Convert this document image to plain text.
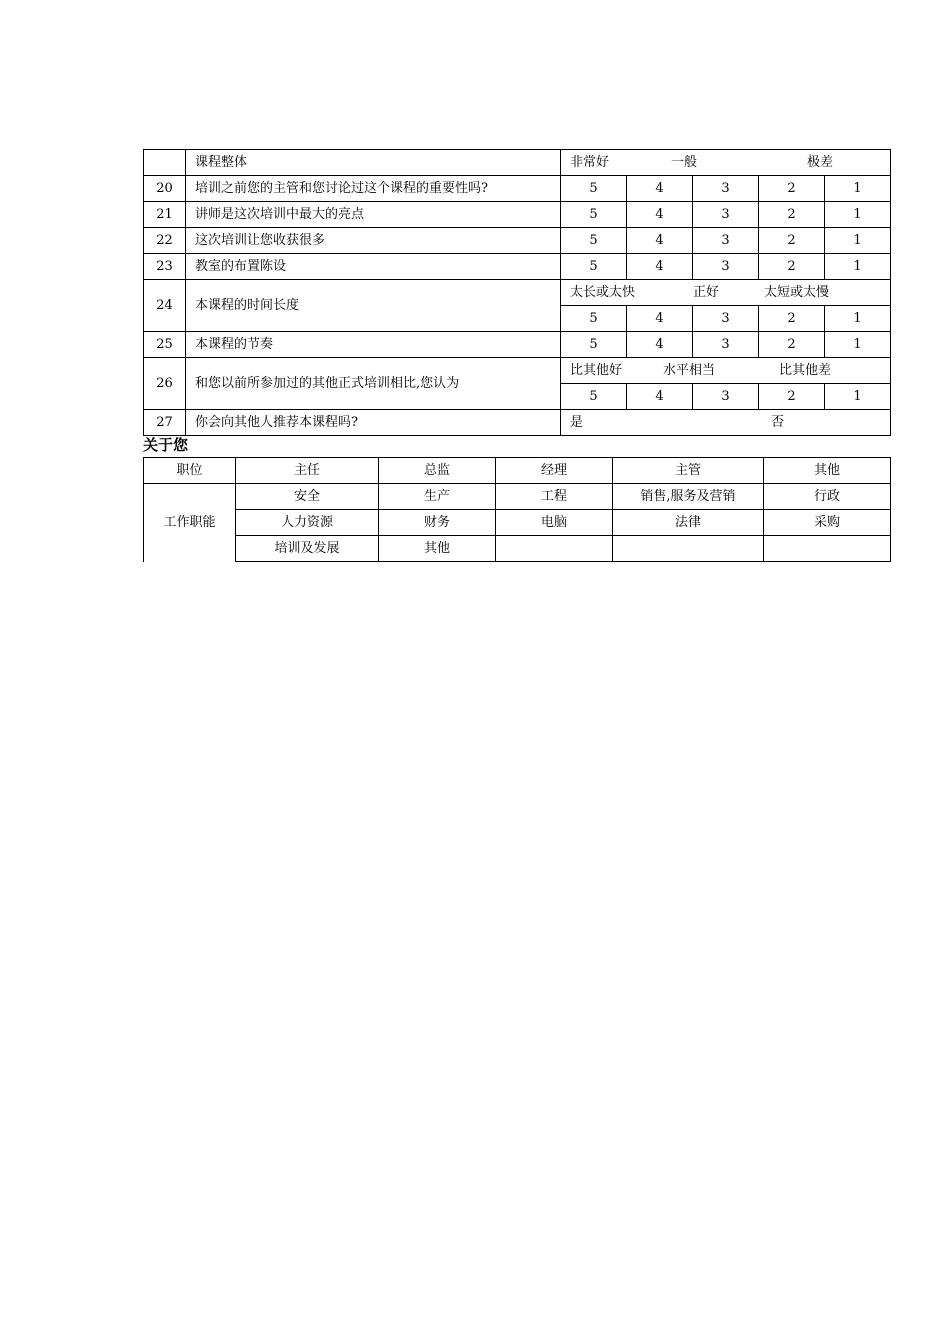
	课程整体	非常好 一般 极差				

20	培训之前您的主管和您讨论过这个课程的重要性吗?	5	4	3	2	1
21	讲师是这次培训中最大的亮点	5	4	3	2	1
22	这次培训让您收获很多	5	4	3	2	1
23	教室的布置陈设	5	4	3	2	1
24	本课程的时间长度	太长或太快 正好 太短或太慢				

		5	4	3	2	1
25	本课程的节奏	5	4	3	2	1
26	和您以前所参加过的其他正式培训相比,您认为	比其他好 水平相当 比其他差				

		5	4	3	2	1
27	你会向其他人推荐本课程吗?	是 否				
关于您
职位	主任	总监	经理	主管	其他
工作职能	安全	生产	工程	销售,服务及营销	行政
	人力资源	财务	电脑	法律	采购
	培训及发展	其他			
